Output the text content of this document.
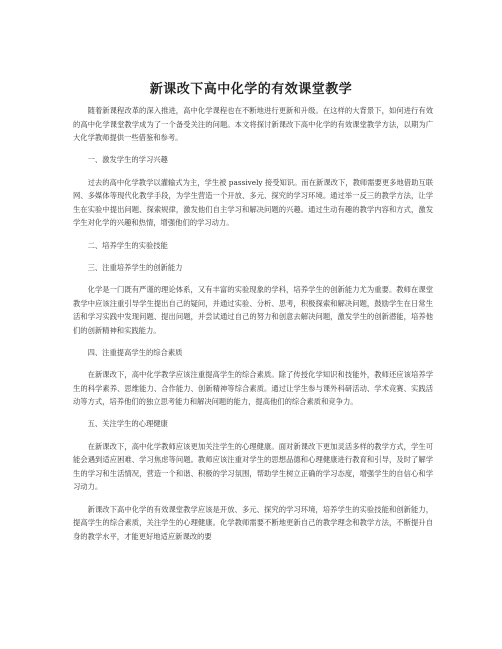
新课改下高中化学的有效课堂教学

随着新课程改革的深入推进，高中化学课程也在不断地进行更新和升级。在这样的大背景下，如何进行有效的高中化学课堂教学成为了一个备受关注的问题。本文将探讨新课改下高中化学的有效课堂教学方法，以期为广大化学教师提供一些借鉴和参考。

一、激发学生的学习兴趣

过去的高中化学教学以灌输式为主，学生被 passively 接受知识。而在新课改下，教师需要更多地借助互联网、多媒体等现代化教学手段，为学生营造一个开放、多元、探究的学习环境。通过举一反三的教学方法，让学生在实验中提出问题、探索规律，激发他们自主学习和解决问题的兴趣。通过生动有趣的教学内容和方式，激发学生对化学的兴趣和热情，增强他们的学习动力。

二、培养学生的实验技能
三、注重培养学生的创新能力

化学是一门既有严谨的理论体系，又有丰富的实验现象的学科，培养学生的创新能力尤为重要。教师在课堂教学中应该注重引导学生提出自己的疑问，并通过实验、分析、思考，积极探索和解决问题，鼓励学生在日常生活和学习实践中发现问题、提出问题，并尝试通过自己的努力和创意去解决问题，激发学生的创新潜能，培养他们的创新精神和实践能力。

四、注重提高学生的综合素质

在新课改下，高中化学教学应该注重提高学生的综合素质。除了传授化学知识和技能外，教师还应该培养学生的科学素养、思维能力、合作能力、创新精神等综合素质。通过让学生参与课外科研活动、学术竞赛、实践活动等方式，培养他们的独立思考能力和解决问题的能力，提高他们的综合素质和竞争力。

五、关注学生的心理健康

在新课改下，高中化学教师应该更加关注学生的心理健康。面对新课改下更加灵活多样的教学方式，学生可能会遇到适应困难、学习焦虑等问题。教师应该注重对学生的思想品德和心理健康进行教育和引导，及时了解学生的学习和生活情况，营造一个和谐、积极的学习氛围，帮助学生树立正确的学习态度，增强学生的自信心和学习动力。

新课改下高中化学的有效课堂教学应该是开放、多元、探究的学习环境，培养学生的实验技能和创新能力，提高学生的综合素质，关注学生的心理健康。化学教师需要不断地更新自己的教学理念和教学方法，不断提升自身的教学水平，才能更好地适应新课改的要
